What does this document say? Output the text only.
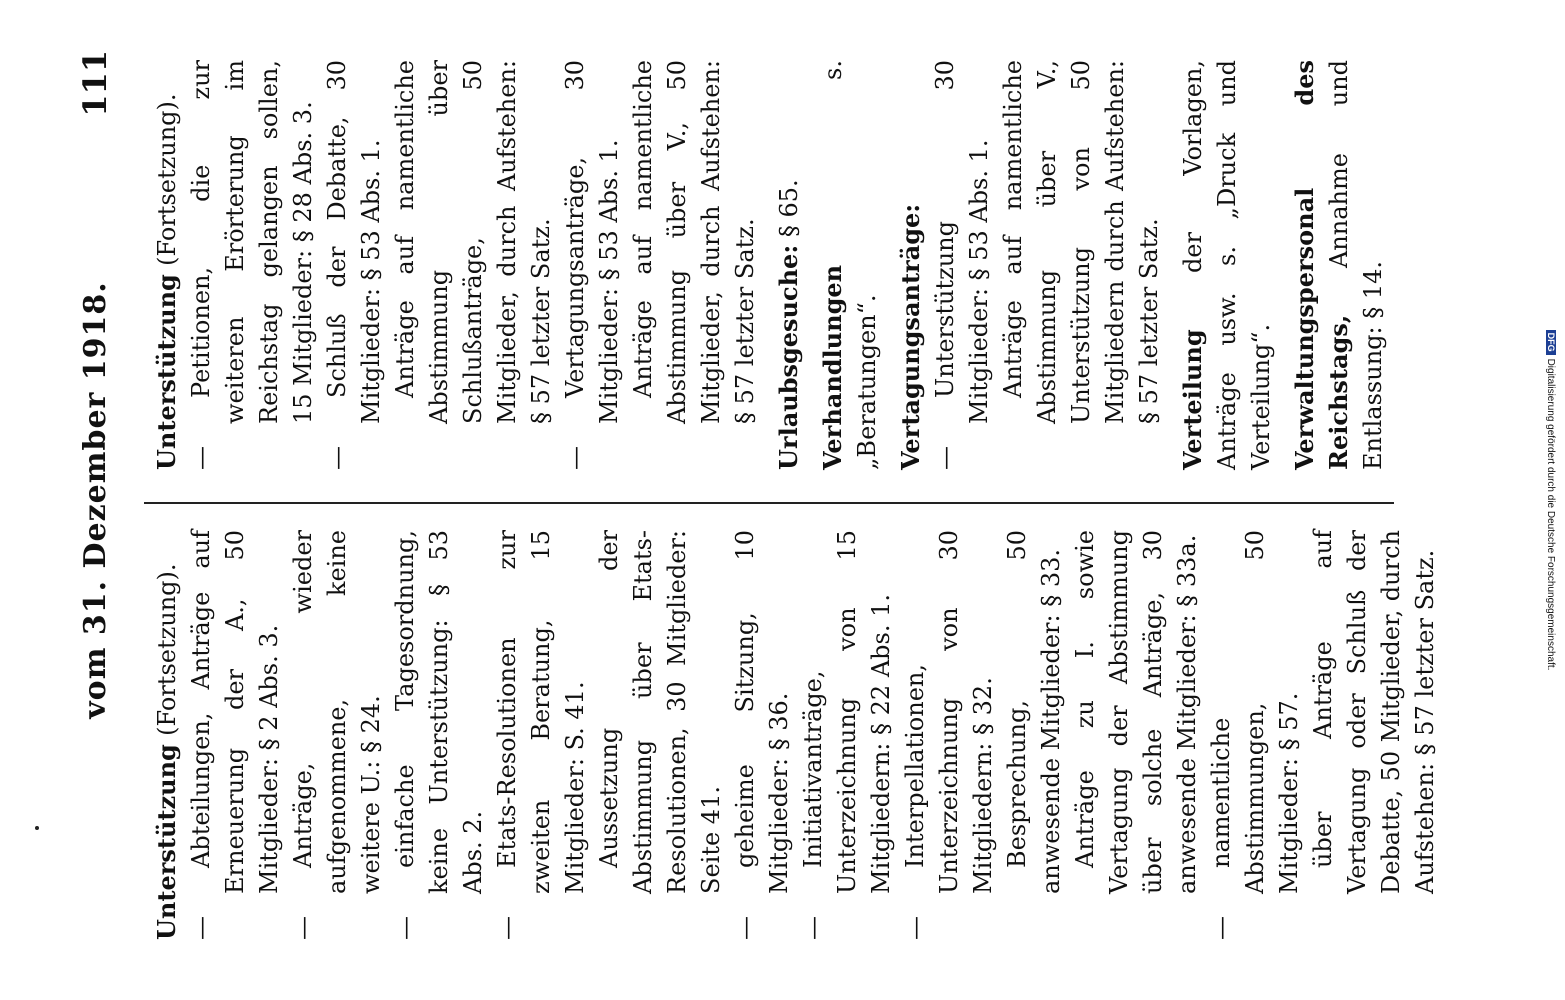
vom 31. Dezember 1918.
111
Unterstützung (Fortsetzung).
—
Abteilungen, Anträge auf Erneuerung der A., 50 Mitglieder: § 2 Abs. 3.
—
Anträge, wieder aufgenommene, keine weitere U.: § 24.
—
einfache Tagesordnung, keine Unterstützung: § 53 Abs. 2.
—
Etats-Resolutionen zur zweiten Beratung, 15 Mitglieder: S. 41. Aussetzung der Abstimmung über Etats-Resolutionen, 30 Mitglieder: Seite 41.
—
geheime Sitzung, 10 Mitglieder: § 36.
—
Initiativanträge, Unterzeichnung von 15 Mitgliedern: § 22 Abs. 1.
—
Interpellationen, Unterzeichnung von 30 Mitgliedern: § 32. Besprechung, 50 anwesende Mitglieder: § 33. Anträge zu I. sowie Vertagung der Abstimmung über solche Anträge, 30 anwesende Mitglieder: § 33a.
—
namentliche Abstimmungen, 50 Mitglieder: § 57. über Anträge auf Vertagung oder Schluß der Debatte, 50 Mitglieder, durch Aufstehen: § 57 letzter Satz.
Unterstützung (Fortsetzung).
—
Petitionen, die zur weiteren Erörterung im Reichstag gelangen sollen, 15 Mitglieder: § 28 Abs. 3.
—
Schluß der Debatte, 30 Mitglieder: § 53 Abs. 1. Anträge auf namentliche Abstimmung über Schlußanträge, 50 Mitglieder, durch Aufstehen: § 57 letzter Satz.
—
Vertagungsanträge, 30 Mitglieder: § 53 Abs. 1. Anträge auf namentliche Abstimmung über V., 50 Mitglieder, durch Aufstehen: § 57 letzter Satz. Urlaubsgesuche: § 65.
Verhandlungen s. „Beratungen“. Vertagungsanträge: —
Unterstützung 30 Mitglieder: § 53 Abs. 1. Anträge auf namentliche Abstimmung über V., Unterstützung von 50 Mitgliedern durch Aufstehen: § 57 letzter Satz. Verteilung der Vorlagen, Anträge usw. s. „Druck und Verteilung“. Verwaltungspersonal des Reichstags, Annahme und Entlassung: § 14.	DFGDigitalisierung gefördert durch die Deutsche Forschungsgemeinschaft.
